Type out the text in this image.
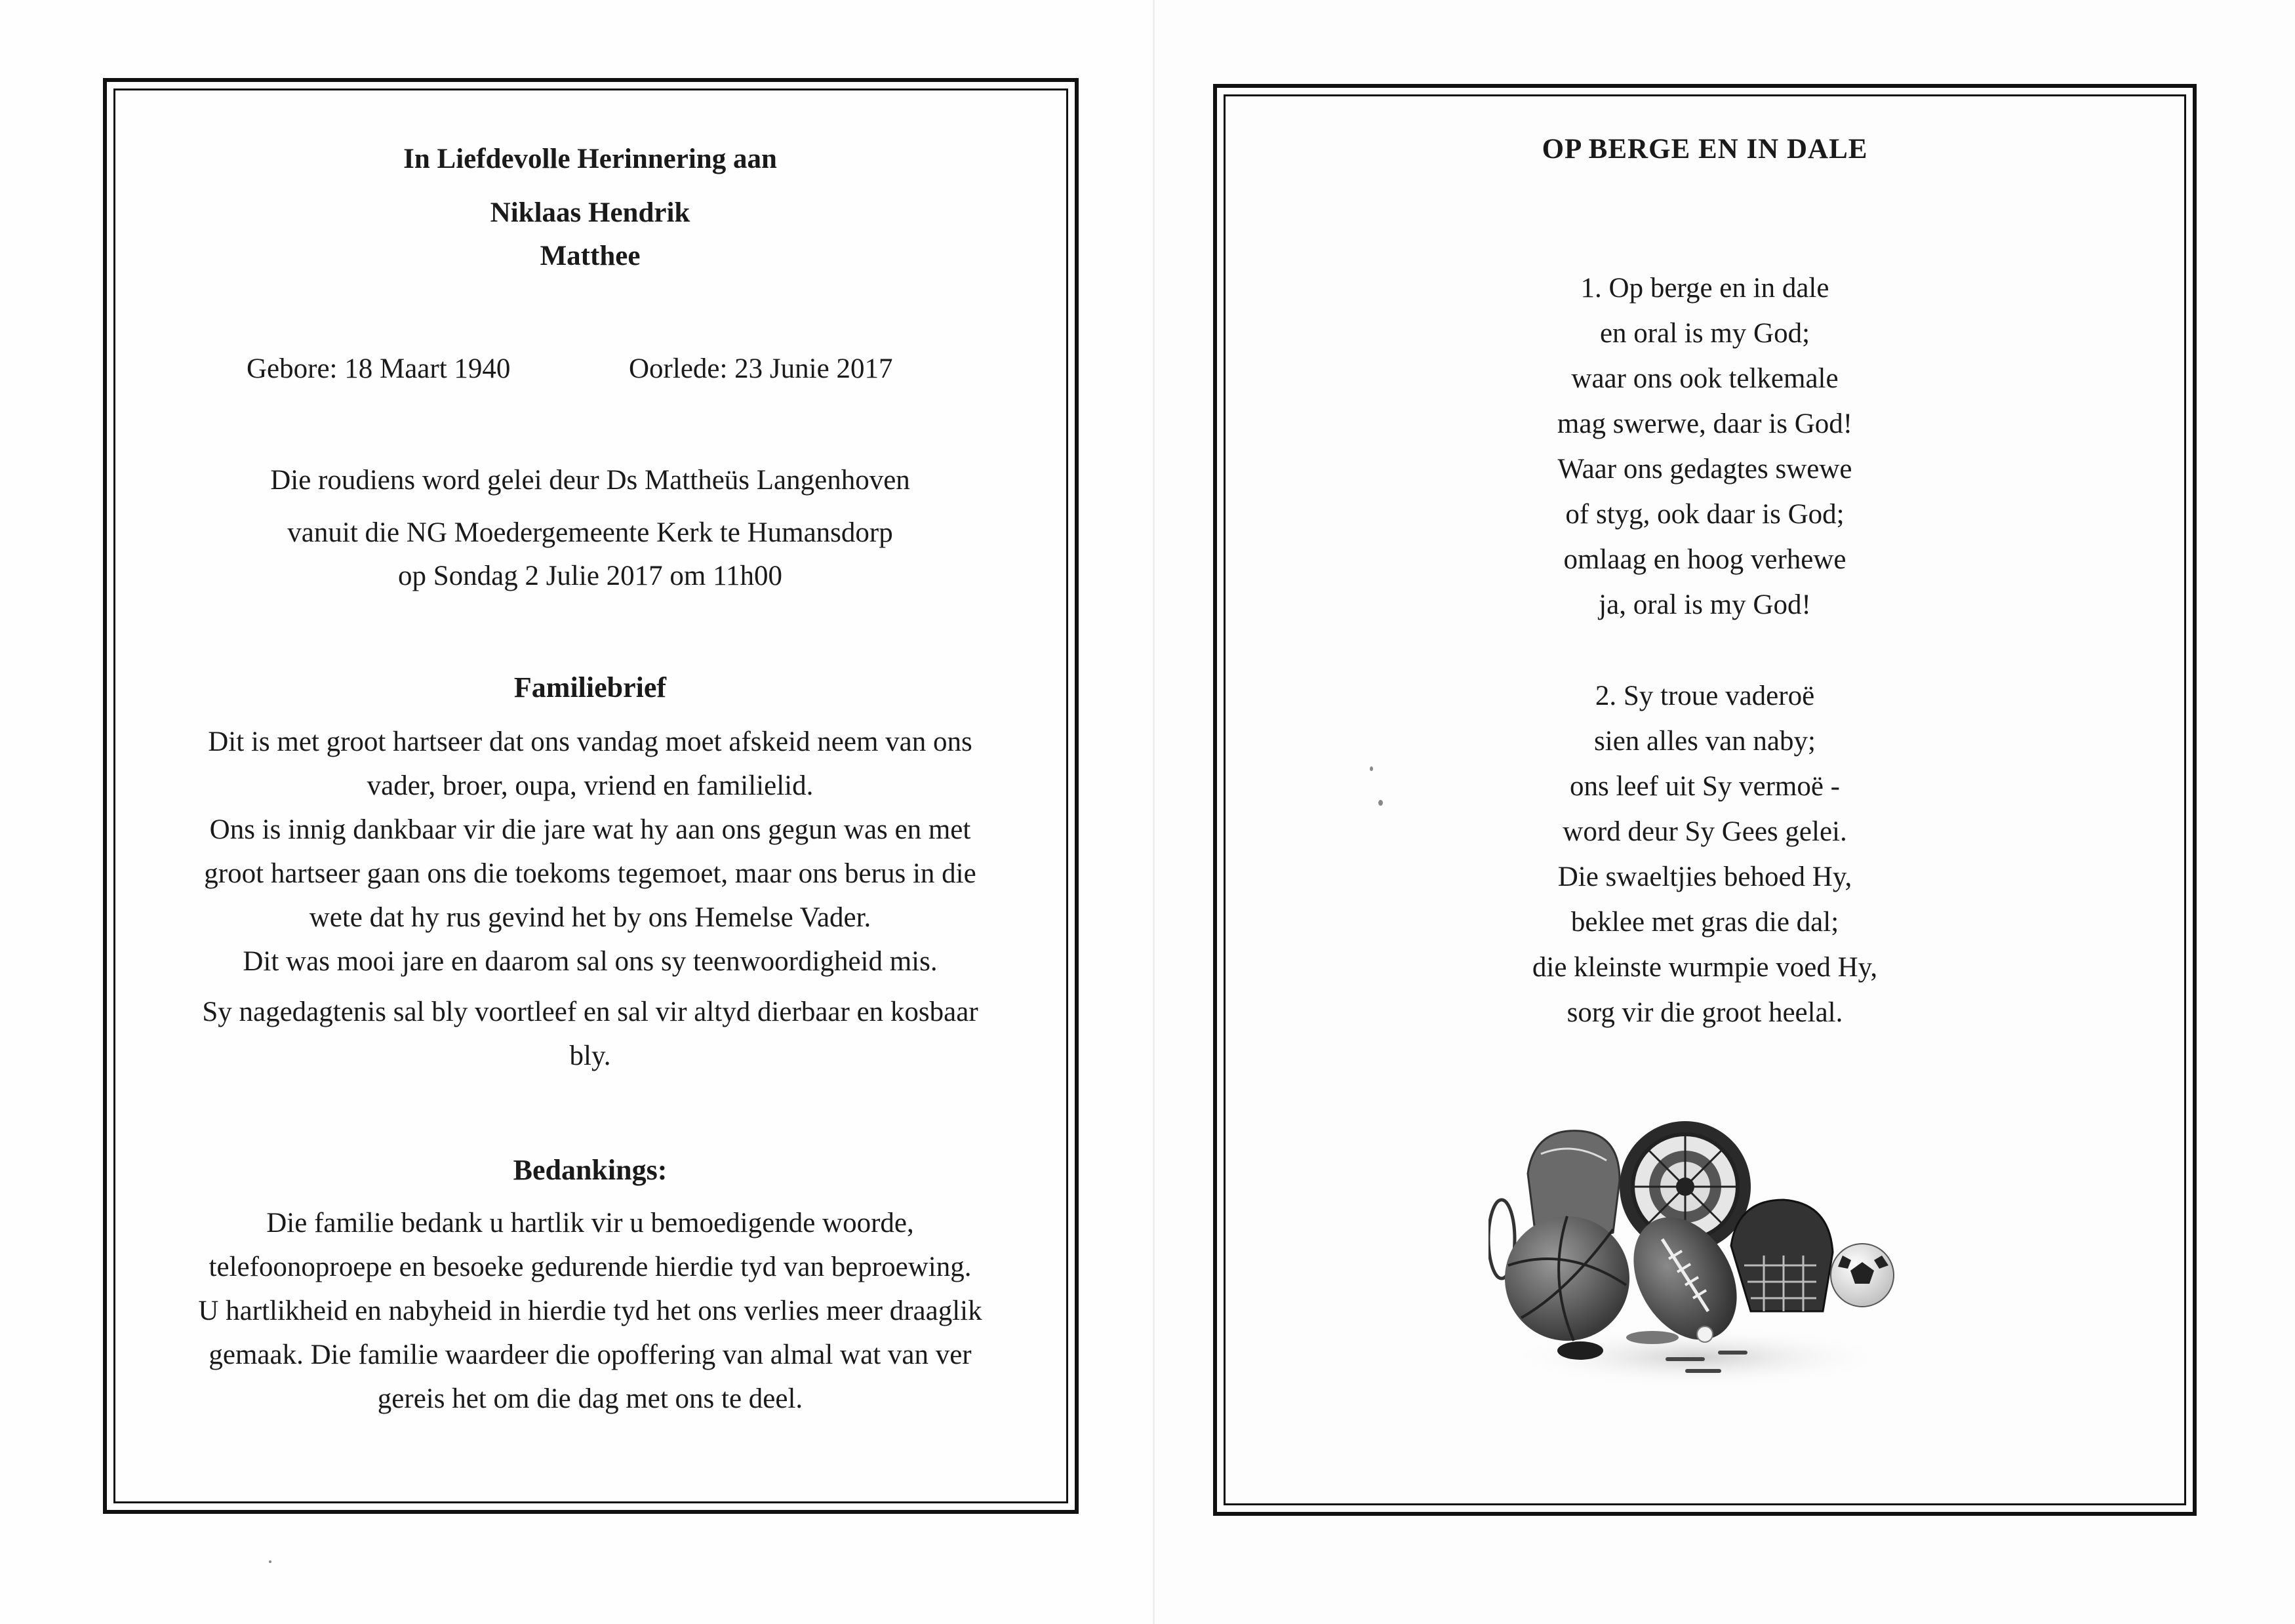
In Liefdevolle Herinnering aan
Niklaas Hendrik
Matthee
Gebore: 18 Maart 1940	Oorlede: 23 Junie 2017
Die roudiens word gelei deur Ds Mattheüs Langenhoven
vanuit die NG Moedergemeente Kerk te Humansdorp
op Sondag 2 Julie 2017 om 11h00
Familiebrief

Dit is met groot hartseer dat ons vandag moet afskeid neem van ons

vader, broer, oupa, vriend en familielid.

Ons is innig dankbaar vir die jare wat hy aan ons gegun was en met

groot hartseer gaan ons die toekoms tegemoet, maar ons berus in die

wete dat hy rus gevind het by ons Hemelse Vader.

Dit was mooi jare en daarom sal ons sy teenwoordigheid mis.

Sy nagedagtenis sal bly voortleef en sal vir altyd dierbaar en kosbaar

bly.

Bedankings:

Die familie bedank u hartlik vir u bemoedigende woorde,

telefoonoproepe en besoeke gedurende hierdie tyd van beproewing.

U hartlikheid en nabyheid in hierdie tyd het ons verlies meer draaglik

gemaak. Die familie waardeer die opoffering van almal wat van ver

gereis het om die dag met ons te deel.

OP BERGE EN IN DALE
1. Op berge en in dale
en oral is my God;
waar ons ook telkemale
mag swerwe, daar is God!
Waar ons gedagtes swewe
of styg, ook daar is God;
omlaag en hoog verhewe
ja, oral is my God!
2. Sy troue vaderoë
sien alles van naby;
ons leef uit Sy vermoë -
word deur Sy Gees gelei.
Die swaeltjies behoed Hy,
beklee met gras die dal;
die kleinste wurmpie voed Hy,
sorg vir die groot heelal.
